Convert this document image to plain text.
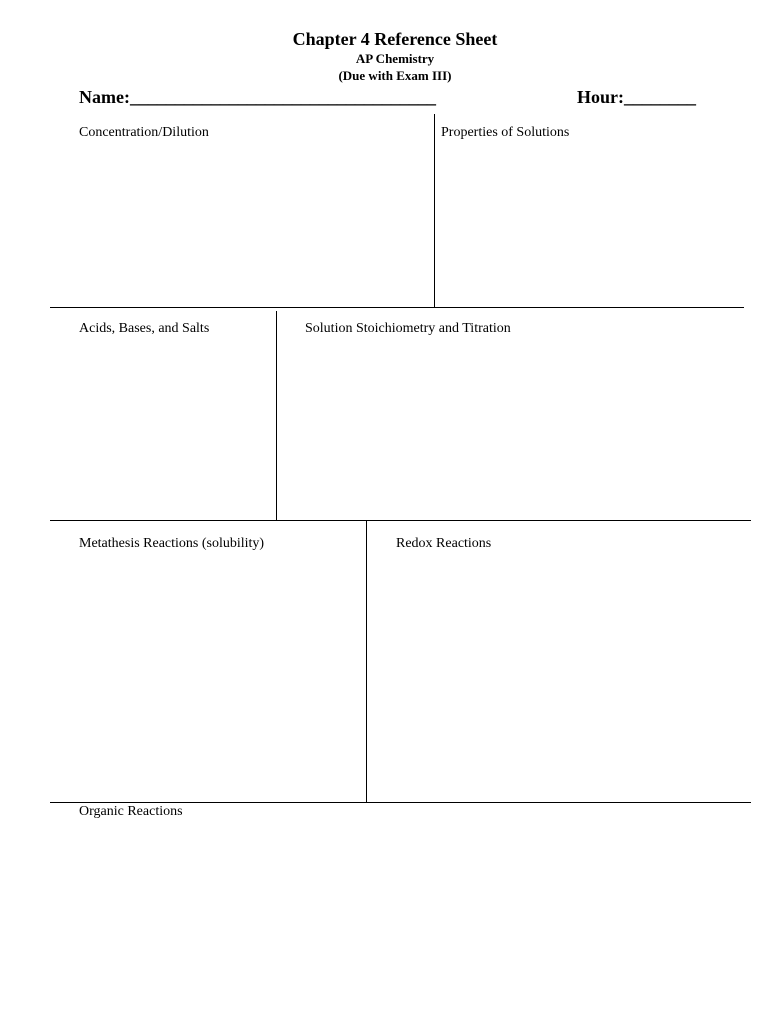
Chapter 4 Reference Sheet
AP Chemistry
(Due with Exam III)
Name:__________________________________	Hour:________
Concentration/Dilution	Properties of Solutions
Acids, Bases, and Salts	Solution Stoichiometry and Titration
Metathesis Reactions (solubility)	Redox Reactions
Organic Reactions
